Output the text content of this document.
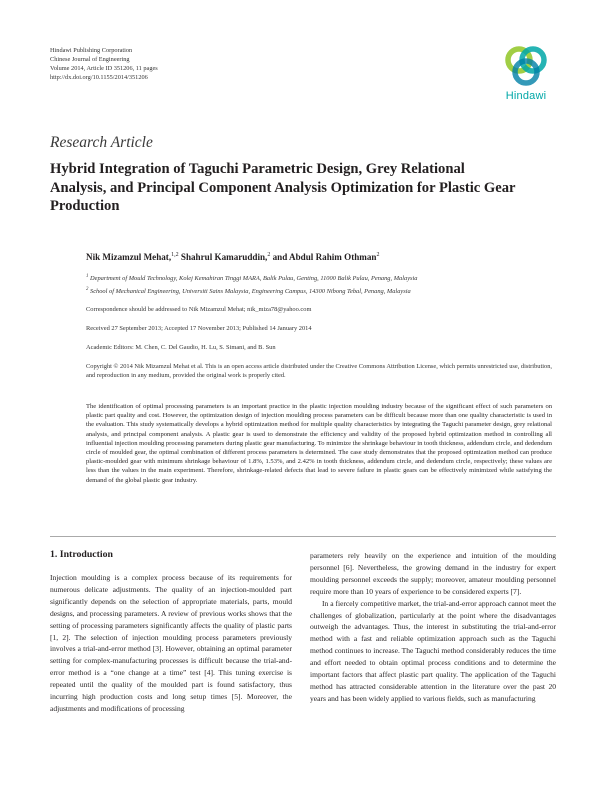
Hindawi Publishing Corporation
Chinese Journal of Engineering
Volume 2014, Article ID 351206, 11 pages
http://dx.doi.org/10.1155/2014/351206
Hindawi
Research Article
Hybrid Integration of Taguchi Parametric Design, Grey Relational Analysis, and Principal Component Analysis Optimization for Plastic Gear Production
Nik Mizamzul Mehat,$^{1,2}$ Shahrul Kamaruddin,$^2$ and Abdul Rahim Othman$^2$
$^1$ Department of Mould Technology, Kolej Kemahiran Tinggi MARA, Balik Pulau, Genting, 11000 Balik Pulau, Penang, Malaysia
$^2$ School of Mechanical Engineering, Universiti Sains Malaysia, Engineering Campus, 14300 Nibong Tebal, Penang, Malaysia
Correspondence should be addressed to Nik Mizamzul Mehat; nik_miza78@yahoo.com
Received 27 September 2013; Accepted 17 November 2013; Published 14 January 2014
Academic Editors: M. Chen, C. Del Gaudio, H. Lu, S. Simani, and B. Sun
Copyright © 2014 Nik Mizamzul Mehat et al. This is an open access article distributed under the Creative Commons Attribution License, which permits unrestricted use, distribution, and reproduction in any medium, provided the original work is properly cited.
The identification of optimal processing parameters is an important practice in the plastic injection moulding industry because of the significant effect of such parameters on plastic part quality and cost. However, the optimization design of injection moulding process parameters can be difficult because more than one quality characteristic is used in the evaluation. This study systematically develops a hybrid optimization method for multiple quality characteristics by integrating the Taguchi parameter design, grey relational analysis, and principal component analysis. A plastic gear is used to demonstrate the efficiency and validity of the proposed hybrid optimization method in controlling all influential injection moulding processing parameters during plastic gear manufacturing. To minimize the shrinkage behaviour in tooth thickness, addendum circle, and dedendum circle of moulded gear, the optimal combination of different process parameters is determined. The case study demonstrates that the proposed optimization method can produce plastic-moulded gear with minimum shrinkage behaviour of 1.8%, 1.53%, and 2.42% in tooth thickness, addendum circle, and dedendum circle, respectively; these values are less than the values in the main experiment. Therefore, shrinkage-related defects that lead to severe failure in plastic gears can be effectively minimized while satisfying the demand of the global plastic gear industry.
1. Introduction

Injection moulding is a complex process because of its requirements for numerous delicate adjustments. The quality of an injection-moulded part significantly depends on the selection of appropriate materials, parts, mould designs, and processing parameters. A review of previous works shows that the setting of processing parameters significantly affects the quality of plastic parts [1, 2]. The selection of injection moulding process parameters previously involves a trial-and-error method [3]. However, obtaining an optimal parameter setting for complex-manufacturing processes is difficult because the trial-and-error method is a “one change at a time” test [4]. This tuning exercise is repeated until the quality of the moulded part is found satisfactory, thus incurring high production costs and long setup times [5]. Moreover, the adjustments and modifications of processing

parameters rely heavily on the experience and intuition of the moulding personnel [6]. Nevertheless, the growing demand in the industry for expert moulding personnel exceeds the supply; moreover, amateur moulding personnel require more than 10 years of experience to be considered experts [7].

In a fiercely competitive market, the trial-and-error approach cannot meet the challenges of globalization, particularly at the point where the disadvantages outweigh the advantages. Thus, the interest in substituting the trial-and-error method with a fast and reliable optimization approach such as the Taguchi method continues to increase. The Taguchi method considerably reduces the time and effort needed to obtain optimal process conditions and to determine the important factors that affect plastic part quality. The application of the Taguchi method has attracted considerable attention in the literature over the past 20 years and has been widely applied to various fields, such as manufacturing
